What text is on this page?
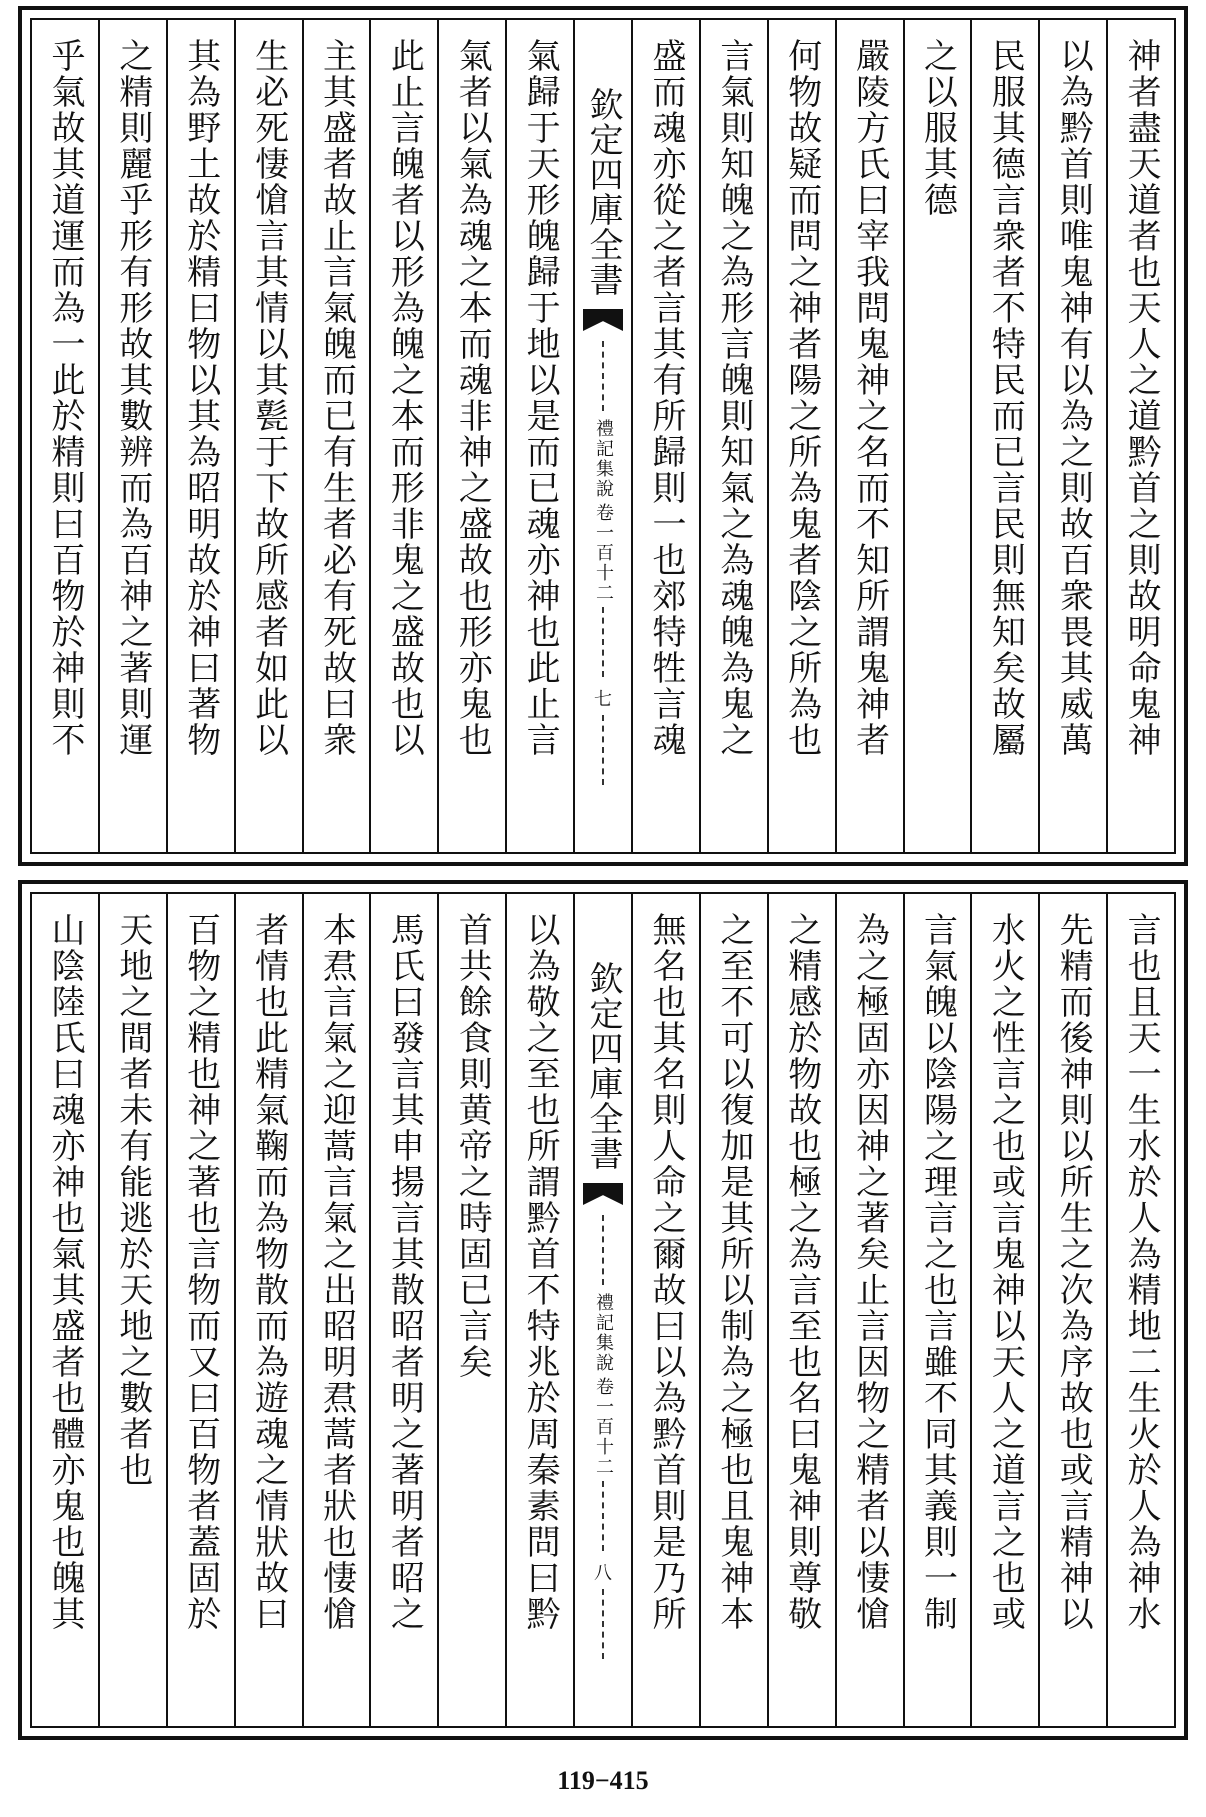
神者盡天道者也天人之道黔首之則故明命鬼神
以為黔首則唯鬼神有以為之則故百衆畏其威萬
民服其德言衆者不特民而已言民則無知矣故屬
之以服其德
嚴陵方氏曰宰我問鬼神之名而不知所謂鬼神者
何物故疑而問之神者陽之所為鬼者陰之所為也
言氣則知魄之為形言魄則知氣之為魂魄為鬼之
盛而魂亦從之者言其有所歸則一也郊特牲言魂
欽定四庫全書
禮記集說
卷一百十二
七
氣歸于天形魄歸于地以是而已魂亦神也此止言
氣者以氣為魂之本而魂非神之盛故也形亦鬼也
此止言魄者以形為魄之本而形非鬼之盛故也以
主其盛者故止言氣魄而已有生者必有死故曰衆
生必死悽愴言其情以其甏于下故所感者如此以
其為野土故於精曰物以其為昭明故於神曰著物
之精則麗乎形有形故其數辨而為百神之著則運
乎氣故其道運而為一此於精則曰百物於神則不
言也且天一生水於人為精地二生火於人為神水
先精而後神則以所生之次為序故也或言精神以
水火之性言之也或言鬼神以天人之道言之也或
言氣魄以陰陽之理言之也言雖不同其義則一制
為之極固亦因神之著矣止言因物之精者以悽愴
之精感於物故也極之為言至也名曰鬼神則尊敬
之至不可以復加是其所以制為之極也且鬼神本
無名也其名則人命之爾故曰以為黔首則是乃所
欽定四庫全書
禮記集說
卷一百十二
八
以為敬之至也所謂黔首不特兆於周秦素問曰黔
首共餘食則黄帝之時固已言矣
馬氏曰發言其申揚言其散昭者明之著明者昭之
本焄言氣之迎蒿言氣之出昭明焄蒿者狀也悽愴
者情也此精氣鞠而為物散而為遊魂之情狀故曰
百物之精也神之著也言物而又曰百物者蓋固於
天地之間者未有能逃於天地之數者也
山陰陸氏曰魂亦神也氣其盛者也體亦鬼也魄其
119−415
